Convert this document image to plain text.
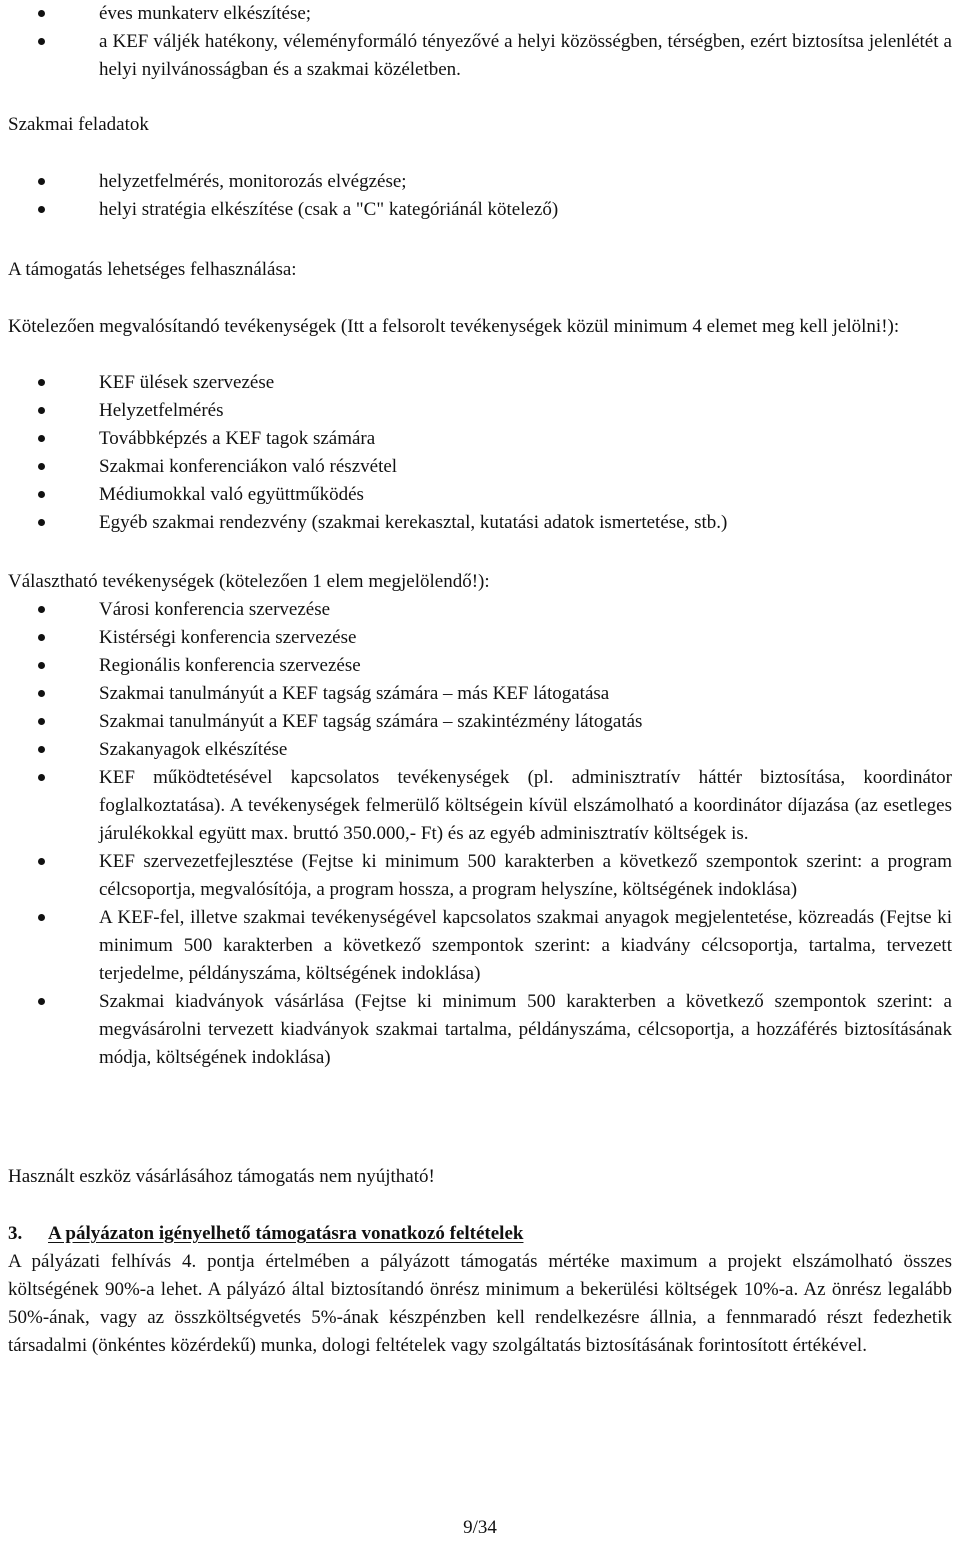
éves munkaterv elkészítése;
a KEF váljék hatékony, véleményformáló tényezővé a helyi közösségben, térségben, ezért biztosítsa jelenlétét a helyi nyilvánosságban és a szakmai közéletben.

Szakmai feladatok

helyzetfelmérés, monitorozás elvégzése;
helyi stratégia elkészítése (csak a "C" kategóriánál kötelező)

A támogatás lehetséges felhasználása:

Kötelezően megvalósítandó tevékenységek (Itt a felsorolt tevékenységek közül minimum 4 elemet meg kell jelölni!):

KEF ülések szervezése
Helyzetfelmérés
Továbbképzés a KEF tagok számára
Szakmai konferenciákon való részvétel
Médiumokkal való együttműködés
Egyéb szakmai rendezvény (szakmai kerekasztal, kutatási adatok ismertetése, stb.)

Választható tevékenységek (kötelezően 1 elem megjelölendő!):

Városi konferencia szervezése
Kistérségi konferencia szervezése
Regionális konferencia szervezése
Szakmai tanulmányút a KEF tagság számára – más KEF látogatása
Szakmai tanulmányút a KEF tagság számára – szakintézmény látogatás
Szakanyagok elkészítése
KEF működtetésével kapcsolatos tevékenységek (pl. adminisztratív háttér biztosítása, koordinátor foglalkoztatása). A tevékenységek felmerülő költségein kívül elszámolható a koordinátor díjazása (az esetleges járulékokkal együtt max. bruttó 350.000,- Ft) és az egyéb adminisztratív költségek is.
KEF szervezetfejlesztése (Fejtse ki minimum 500 karakterben a következő szempontok szerint: a program célcsoportja, megvalósítója, a program hossza, a program helyszíne, költségének indoklása)
A KEF-fel, illetve szakmai tevékenységével kapcsolatos szakmai anyagok megjelentetése, közreadás (Fejtse ki minimum 500 karakterben a következő szempontok szerint: a kiadvány célcsoportja, tartalma, tervezett terjedelme, példányszáma, költségének indoklása)
Szakmai kiadványok vásárlása (Fejtse ki minimum 500 karakterben a következő szempontok szerint: a megvásárolni tervezett kiadványok szakmai tartalma, példányszáma, célcsoportja, a hozzáférés biztosításának módja, költségének indoklása)

Használt eszköz vásárlásához támogatás nem nyújtható!

3. A pályázaton igényelhető támogatásra vonatkozó feltételek

A pályázati felhívás 4. pontja értelmében a pályázott támogatás mértéke maximum a projekt elszámolható összes költségének 90%-a lehet. A pályázó által biztosítandó önrész minimum a bekerülési költségek 10%-a. Az önrész legalább 50%-ának, vagy az összköltségvetés 5%-ának készpénzben kell rendelkezésre állnia, a fennmaradó részt fedezhetik társadalmi (önkéntes közérdekű) munka, dologi feltételek vagy szolgáltatás biztosításának forintosított értékével.

9/34
